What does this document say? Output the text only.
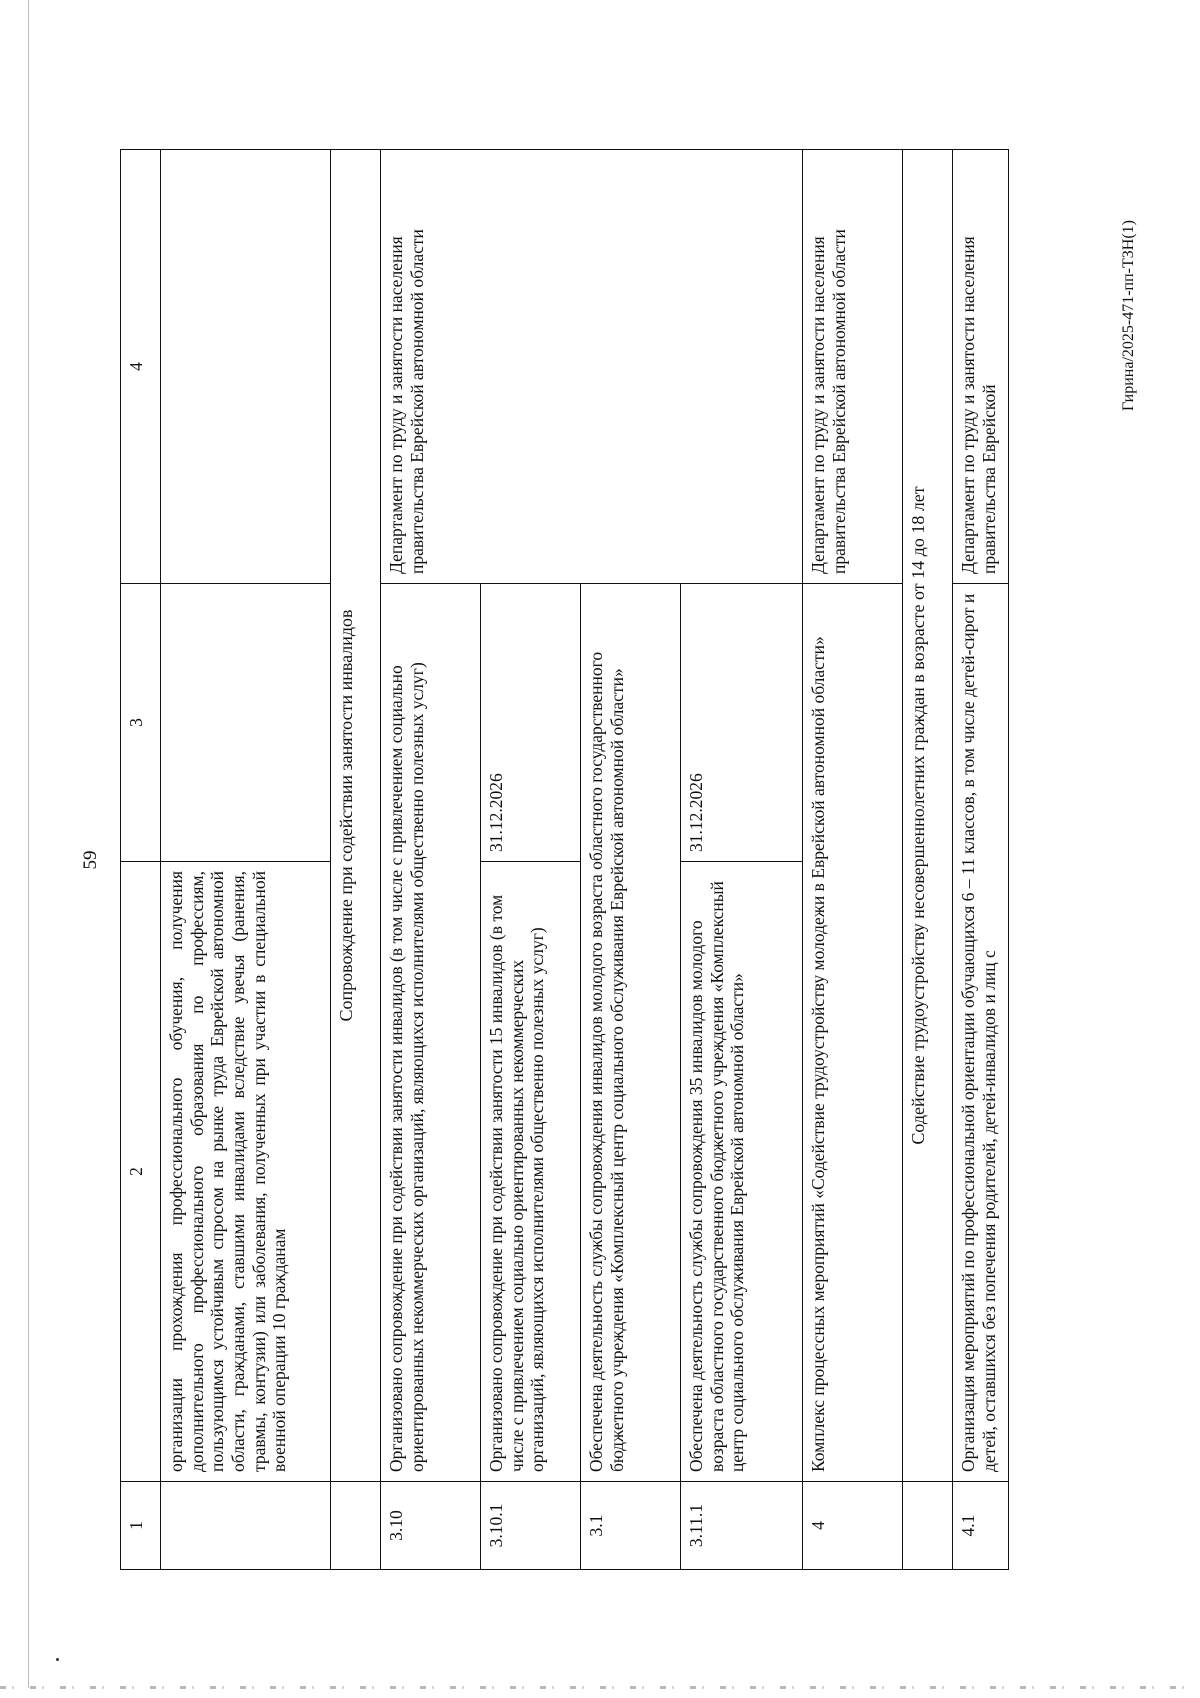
59
1	2	3	4
	организации прохождения профессионального обучения, получения дополнительного профессионального образования по профессиям, пользующимся устойчивым спросом на рынке труда Еврейской автономной области, гражданами, ставшими инвалидами вследствие увечья (ранения, травмы, контузии) или заболевания, полученных при участии в специальной военной операции 10 гражданам		
	Сопровождение при содействии занятости инвалидов		
3.10	Организовано сопровождение при содействии занятости инвалидов (в том числе с привлечением социально ориентированных некоммерческих организаций, являющихся исполнителями общественно полезных услуг)		Департамент по труду и занятости населения правительства Еврейской автономной области
3.10.1	Организовано сопровождение при содействии занятости 15 инвалидов (в том числе с привлечением социально ориентированных некоммерческих организаций, являющихся исполнителями общественно полезных услуг)	31.12.2026	
3.1	Обеспечена деятельность службы сопровождения инвалидов молодого возраста областного государственного бюджетного учреждения «Комплексный центр социального обслуживания Еврейской автономной области»		
3.11.1	Обеспечена деятельность службы сопровождения 35 инвалидов молодого возраста областного государственного бюджетного учреждения «Комплексный центр социального обслуживания Еврейской автономной области»	31.12.2026	
4	Комплекс процессных мероприятий «Содействие трудоустройству молодежи в Еврейской автономной области»		Департамент по труду и занятости населения правительства Еврейской автономной области
	Содействие трудоустройству несовершеннолетних граждан в возрасте от 14 до 18 лет		
4.1	Организация мероприятий по профессиональной ориентации обучающихся 6 – 11 классов, в том числе детей-сирот и детей, оставшихся без попечения родителей, детей-инвалидов и лиц с		Департамент по труду и занятости населения правительства Еврейской
Гирина/2025-471-пп-ТЗН(1)
